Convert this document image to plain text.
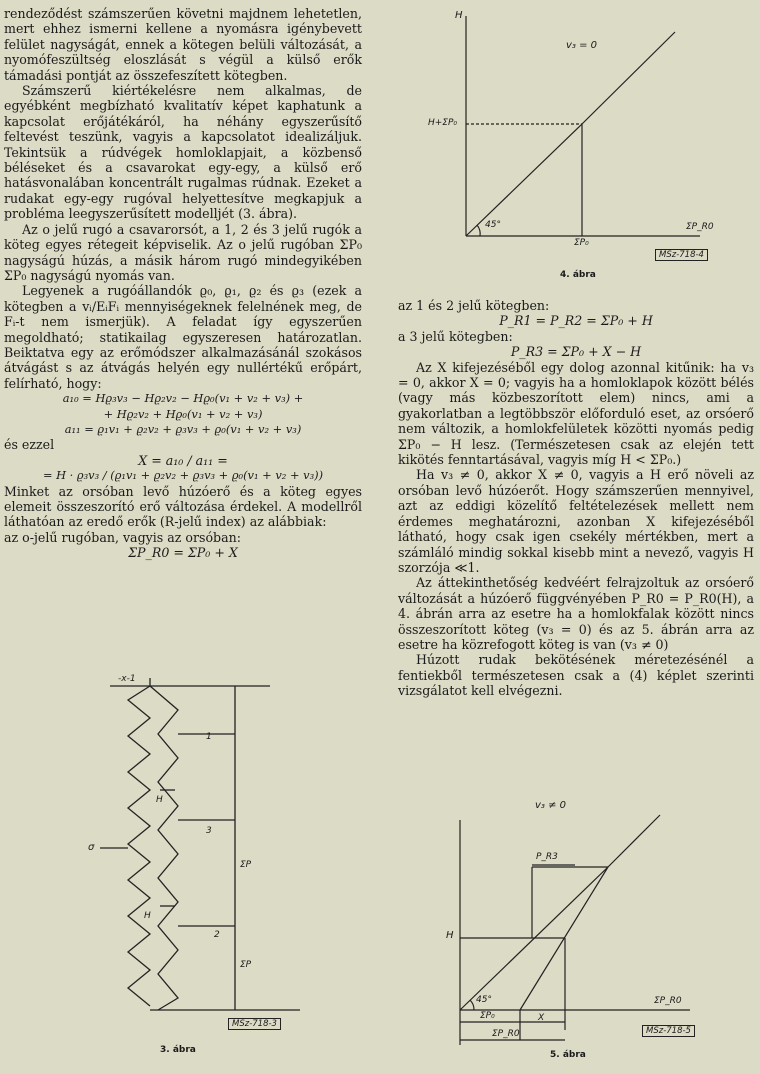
rendeződést számszerűen követni majdnem lehetetlen, mert ehhez ismerni kellene a nyomásra igénybevett felület nagyságát, ennek a kötegen belüli változását, a nyomófeszültség eloszlását s végül a külső erők támadási pontját az összefeszített kötegben.

Számszerű kiértékelésre nem alkalmas, de egyébként megbízható kvalitatív képet kaphatunk a kapcsolat erőjátékáról, ha néhány egyszerűsítő feltevést teszünk, vagyis a kapcsolatot idealizáljuk. Tekintsük a rúdvégek homloklapjait, a közbenső béléseket és a csavarokat egy-egy, a külső erő hatásvonalában koncentrált rugalmas rúdnak. Ezeket a rudakat egy-egy rugóval helyettesítve megkapjuk a probléma leegyszerűsített modelljét (3. ábra).

Az o jelű rugó a csavarorsót, a 1, 2 és 3 jelű rugók a köteg egyes rétegeit képviselik. Az o jelű rugóban ΣP₀ nagyságú húzás, a másik három rugó mindegyikében ΣP₀ nagyságú nyomás van.

Legyenek a rugóállandók ϱ₀, ϱ₁, ϱ₂ és ϱ₃ (ezek a kötegben a vᵢ/EᵢFᵢ mennyiségeknek felelnének meg, de Fᵢ-t nem ismerjük). A feladat így egyszerűen megoldható; statikailag egyszeresen határozatlan. Beiktatva egy az erőmódszer alkalmazásánál szokásos átvágást s az átvágás helyén egy nullértékű erőpárt, felírható, hogy:

a₁₀ = Hϱ₃v₃ − Hϱ₂v₂ − Hϱ₀(v₁ + v₂ + v₃) +

+ Hϱ₂v₂ + Hϱ₀(v₁ + v₂ + v₃)

a₁₁ = ϱ₁v₁ + ϱ₂v₂ + ϱ₃v₃ + ϱ₀(v₁ + v₂ + v₃)

és ezzel

X = a₁₀ / a₁₁ =

= H · ϱ₃v₃ / (ϱ₁v₁ + ϱ₂v₂ + ϱ₃v₃ + ϱ₀(v₁ + v₂ + v₃))

Minket az orsóban levő húzóerő és a köteg egyes elemeit összeszorító erő változása érdekel. A modellről láthatóan az eredő erők (R-jelű index) az alábbiak:

az o-jelű rugóban, vagyis az orsóban:

ΣP_R0 = ΣP₀ + X

az 1 és 2 jelű kötegben:

P_R1 = P_R2 = ΣP₀ + H

a 3 jelű kötegben:

P_R3 = ΣP₀ + X − H

Az X kifejezéséből egy dolog azonnal kitűnik: ha v₃ = 0, akkor X = 0; vagyis ha a homloklapok között bélés (vagy más közbeszorított elem) nincs, ami a gyakorlatban a legtöbbször előforduló eset, az orsóerő nem változik, a homlokfelületek közötti nyomás pedig ΣP₀ − H lesz. (Természetesen csak az elején tett kikötés fenntartásával, vagyis míg H < ΣP₀.)

Ha v₃ ≠ 0, akkor X ≠ 0, vagyis a H erő növeli az orsóban levő húzóerőt. Hogy számszerűen mennyivel, azt az eddigi közelítő feltételezések mellett nem érdemes meghatározni, azonban X kifejezéséből látható, hogy csak igen csekély mértékben, mert a számláló mindig sokkal kisebb mint a nevező, vagyis H szorzója ≪1.

Az áttekinthetőség kedvéért felrajzoltuk az orsóerő változását a húzóerő függvényében P_R0 = P_R0(H), a 4. ábrán arra az esetre ha a homlokfalak között nincs összeszorított köteg (v₃ = 0) és az 5. ábrán arra az esetre ha közrefogott köteg is van (v₃ ≠ 0)

Húzott rudak bekötésének méretezésénél a fentiekből természetesen csak a (4) képlet szerinti vizsgálatot kell elvégezni.

H
v₃ = 0
H+ΣP₀
45°
ΣP₀
ΣP_R0
MSz-718-4
4. ábra
v₃ ≠ 0
P_R3
H
45°	ΣP_R0
ΣP₀	X
ΣP_R0	MSz-718-5
5. ábra
-x-1
1
H
3
σ
H
2
ΣP
ΣP
MSz-718-3
3. ábra
